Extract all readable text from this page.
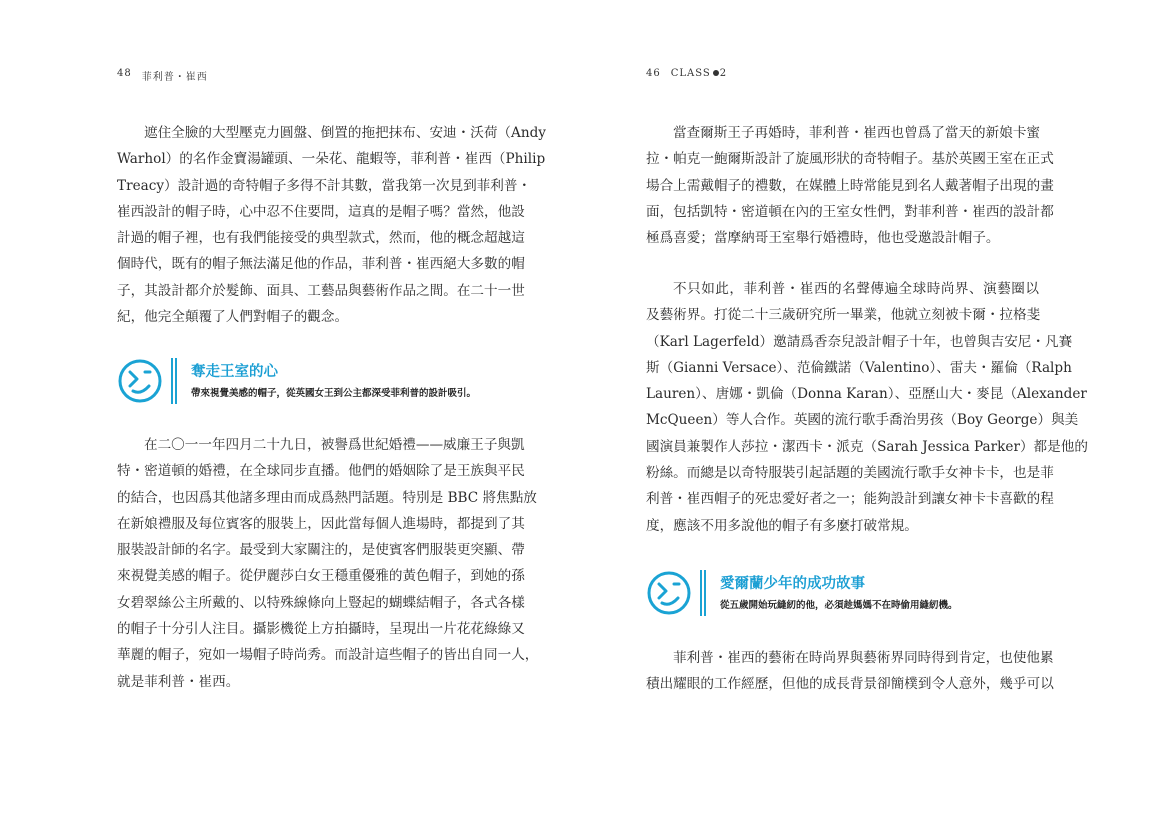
48 菲利普・崔西
遮住全臉的大型壓克力圓盤、倒置的拖把抹布、安迪・沃荷（Andy
Warhol）的名作金寶湯罐頭、一朵花、龍蝦等，菲利普・崔西（Philip
Treacy）設計過的奇特帽子多得不計其數，當我第一次見到菲利普・
崔西設計的帽子時，心中忍不住要問，這真的是帽子嗎？當然，他設
計過的帽子裡，也有我們能接受的典型款式，然而，他的概念超越這
個時代，既有的帽子無法滿足他的作品，菲利普・崔西絕大多數的帽
子，其設計都介於髮飾、面具、工藝品與藝術作品之間。在二十一世
紀，他完全顛覆了人們對帽子的觀念。
奪走王室的心
帶來視覺美感的帽子，從英國女王到公主都深受菲利普的設計吸引。
在二〇一一年四月二十九日，被譽爲世紀婚禮——威廉王子與凱
特・密道頓的婚禮，在全球同步直播。他們的婚姻除了是王族與平民
的結合，也因爲其他諸多理由而成爲熱門話題。特別是 BBC 將焦點放
在新娘禮服及每位賓客的服裝上，因此當每個人進場時，都提到了其
服裝設計師的名字。最受到大家關注的，是使賓客們服裝更突顯、帶
來視覺美感的帽子。從伊麗莎白女王穩重優雅的黃色帽子，到她的孫
女碧翠絲公主所戴的、以特殊線條向上豎起的蝴蝶結帽子，各式各樣
的帽子十分引人注目。攝影機從上方拍攝時，呈現出一片花花綠綠又
華麗的帽子，宛如一場帽子時尚秀。而設計這些帽子的皆出自同一人，
就是菲利普・崔西。
46 CLASS 2
當查爾斯王子再婚時，菲利普・崔西也曾爲了當天的新娘卡蜜
拉・帕克一鮑爾斯設計了旋風形狀的奇特帽子。基於英國王室在正式
場合上需戴帽子的禮數，在媒體上時常能見到名人戴著帽子出現的畫
面，包括凱特・密道頓在內的王室女性們，對菲利普・崔西的設計都
極爲喜愛；當摩納哥王室舉行婚禮時，他也受邀設計帽子。
不只如此，菲利普・崔西的名聲傳遍全球時尚界、演藝圈以
及藝術界。打從二十三歲研究所一畢業，他就立刻被卡爾・拉格斐
（Karl Lagerfeld）邀請爲香奈兒設計帽子十年，也曾與吉安尼・凡賽
斯（Gianni Versace）、范倫鐵諾（Valentino）、雷夫・羅倫（Ralph
Lauren）、唐娜・凱倫（Donna Karan）、亞歷山大・麥昆（Alexander
McQueen）等人合作。英國的流行歌手喬治男孩（Boy George）與美
國演員兼製作人莎拉・潔西卡・派克（Sarah Jessica Parker）都是他的
粉絲。而總是以奇特服裝引起話題的美國流行歌手女神卡卡，也是菲
利普・崔西帽子的死忠愛好者之一；能夠設計到讓女神卡卡喜歡的程
度，應該不用多說他的帽子有多麼打破常規。
愛爾蘭少年的成功故事
從五歲開始玩縫紉的他，必須趁媽媽不在時偷用縫紉機。
菲利普・崔西的藝術在時尚界與藝術界同時得到肯定，也使他累
積出耀眼的工作經歷，但他的成長背景卻簡樸到令人意外，幾乎可以
